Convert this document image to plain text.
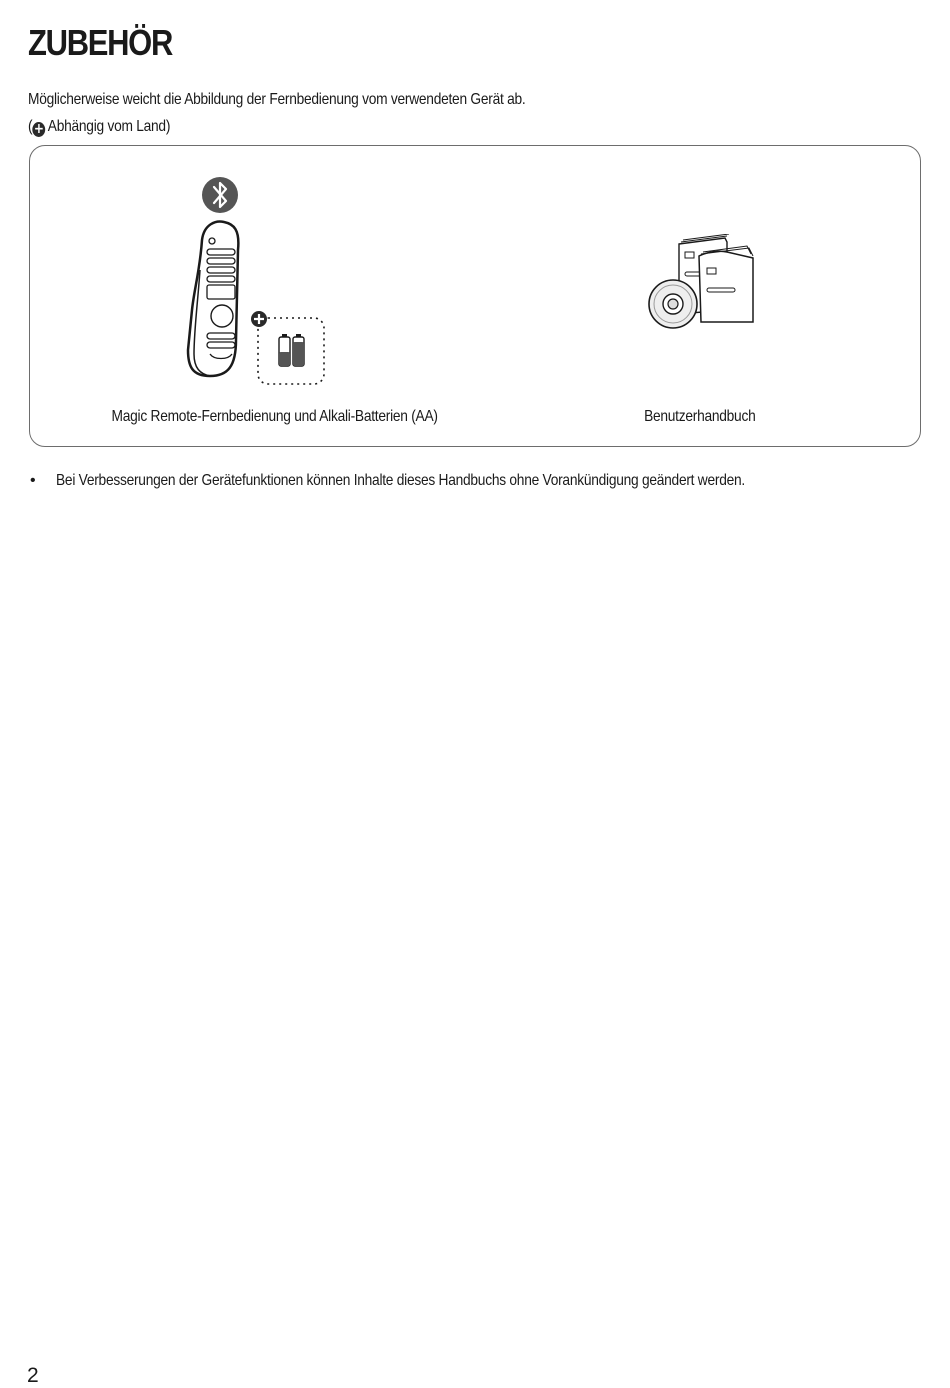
ZUBEHÖR
Möglicherweise weicht die Abbildung der Fernbedienung vom verwendeten Gerät ab.
( + Abhängig vom Land)
Magic Remote-Fernbedienung und Alkali-Batterien (AA)	Benutzerhandbuch
• Bei Verbesserungen der Gerätefunktionen können Inhalte dieses Handbuchs ohne Vorankündigung geändert werden.
2
